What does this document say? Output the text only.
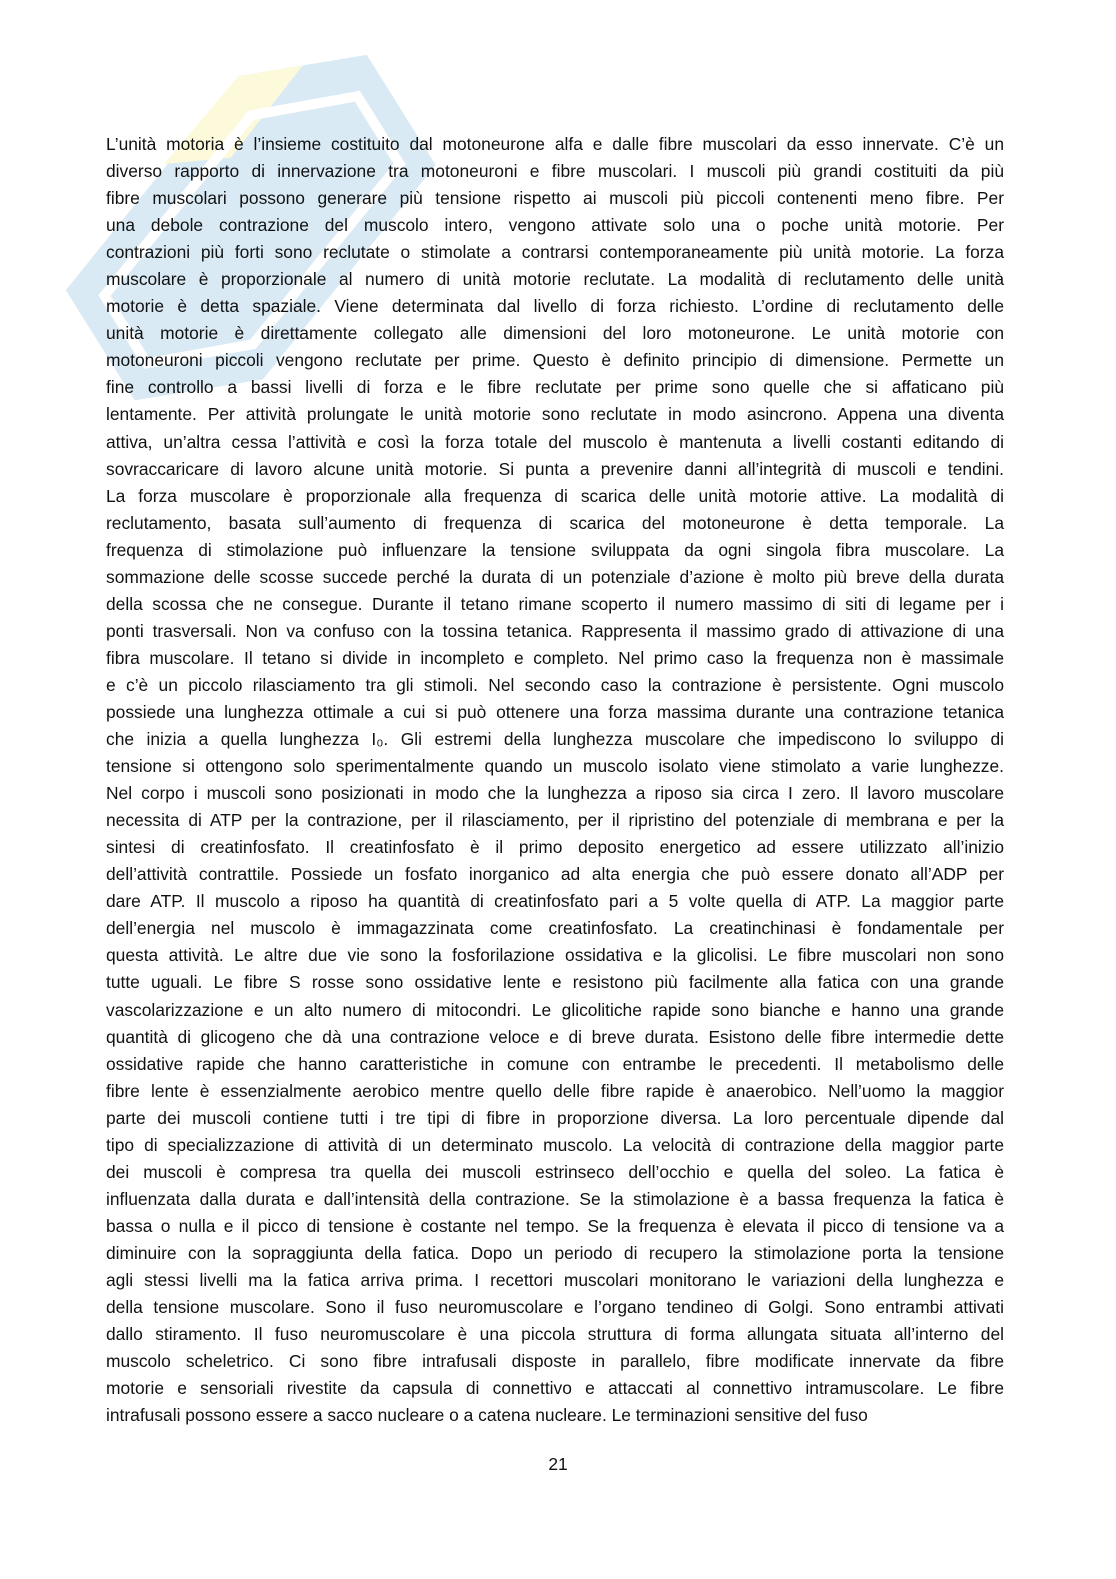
L’unità motoria è l’insieme costituito dal motoneurone alfa e dalle fibre muscolari da esso innervate. C’è un
diverso rapporto di innervazione tra motoneuroni e fibre muscolari. I muscoli più grandi costituiti da più
fibre muscolari possono generare più tensione rispetto ai muscoli più piccoli contenenti meno fibre. Per
una debole contrazione del muscolo intero, vengono attivate solo una o poche unità motorie. Per
contrazioni più forti sono reclutate o stimolate a contrarsi contemporaneamente più unità motorie. La forza
muscolare è proporzionale al numero di unità motorie reclutate. La modalità di reclutamento delle unità
motorie è detta spaziale. Viene determinata dal livello di forza richiesto. L’ordine di reclutamento delle
unità motorie è direttamente collegato alle dimensioni del loro motoneurone. Le unità motorie con
motoneuroni piccoli vengono reclutate per prime. Questo è definito principio di dimensione. Permette un
fine controllo a bassi livelli di forza e le fibre reclutate per prime sono quelle che si affaticano più
lentamente. Per attività prolungate le unità motorie sono reclutate in modo asincrono. Appena una diventa
attiva, un’altra cessa l’attività e così la forza totale del muscolo è mantenuta a livelli costanti editando di
sovraccaricare di lavoro alcune unità motorie. Si punta a prevenire danni all’integrità di muscoli e tendini.
La forza muscolare è proporzionale alla frequenza di scarica delle unità motorie attive. La modalità di
reclutamento, basata sull’aumento di frequenza di scarica del motoneurone è detta temporale. La
frequenza di stimolazione può influenzare la tensione sviluppata da ogni singola fibra muscolare. La
sommazione delle scosse succede perché la durata di un potenziale d’azione è molto più breve della durata
della scossa che ne consegue. Durante il tetano rimane scoperto il numero massimo di siti di legame per i
ponti trasversali. Non va confuso con la tossina tetanica. Rappresenta il massimo grado di attivazione di una
fibra muscolare. Il tetano si divide in incompleto e completo. Nel primo caso la frequenza non è massimale
e c’è un piccolo rilasciamento tra gli stimoli. Nel secondo caso la contrazione è persistente. Ogni muscolo
possiede una lunghezza ottimale a cui si può ottenere una forza massima durante una contrazione tetanica
che inizia a quella lunghezza I₀. Gli estremi della lunghezza muscolare che impediscono lo sviluppo di
tensione si ottengono solo sperimentalmente quando un muscolo isolato viene stimolato a varie lunghezze.
Nel corpo i muscoli sono posizionati in modo che la lunghezza a riposo sia circa I zero. Il lavoro muscolare
necessita di ATP per la contrazione, per il rilasciamento, per il ripristino del potenziale di membrana e per la
sintesi di creatinfosfato. Il creatinfosfato è il primo deposito energetico ad essere utilizzato all’inizio
dell’attività contrattile. Possiede un fosfato inorganico ad alta energia che può essere donato all’ADP per
dare ATP. Il muscolo a riposo ha quantità di creatinfosfato pari a 5 volte quella di ATP. La maggior parte
dell’energia nel muscolo è immagazzinata come creatinfosfato. La creatinchinasi è fondamentale per
questa attività. Le altre due vie sono la fosforilazione ossidativa e la glicolisi. Le fibre muscolari non sono
tutte uguali. Le fibre S rosse sono ossidative lente e resistono più facilmente alla fatica con una grande
vascolarizzazione e un alto numero di mitocondri. Le glicolitiche rapide sono bianche e hanno una grande
quantità di glicogeno che dà una contrazione veloce e di breve durata. Esistono delle fibre intermedie dette
ossidative rapide che hanno caratteristiche in comune con entrambe le precedenti. Il metabolismo delle
fibre lente è essenzialmente aerobico mentre quello delle fibre rapide è anaerobico. Nell’uomo la maggior
parte dei muscoli contiene tutti i tre tipi di fibre in proporzione diversa. La loro percentuale dipende dal
tipo di specializzazione di attività di un determinato muscolo. La velocità di contrazione della maggior parte
dei muscoli è compresa tra quella dei muscoli estrinseco dell’occhio e quella del soleo. La fatica è
influenzata dalla durata e dall’intensità della contrazione. Se la stimolazione è a bassa frequenza la fatica è
bassa o nulla e il picco di tensione è costante nel tempo. Se la frequenza è elevata il picco di tensione va a
diminuire con la sopraggiunta della fatica. Dopo un periodo di recupero la stimolazione porta la tensione
agli stessi livelli ma la fatica arriva prima. I recettori muscolari monitorano le variazioni della lunghezza e
della tensione muscolare. Sono il fuso neuromuscolare e l’organo tendineo di Golgi. Sono entrambi attivati
dallo stiramento. Il fuso neuromuscolare è una piccola struttura di forma allungata situata all’interno del
muscolo scheletrico. Ci sono fibre intrafusali disposte in parallelo, fibre modificate innervate da fibre
motorie e sensoriali rivestite da capsula di connettivo e attaccati al connettivo intramuscolare. Le fibre
intrafusali possono essere a sacco nucleare o a catena nucleare. Le terminazioni sensitive del fuso
21
